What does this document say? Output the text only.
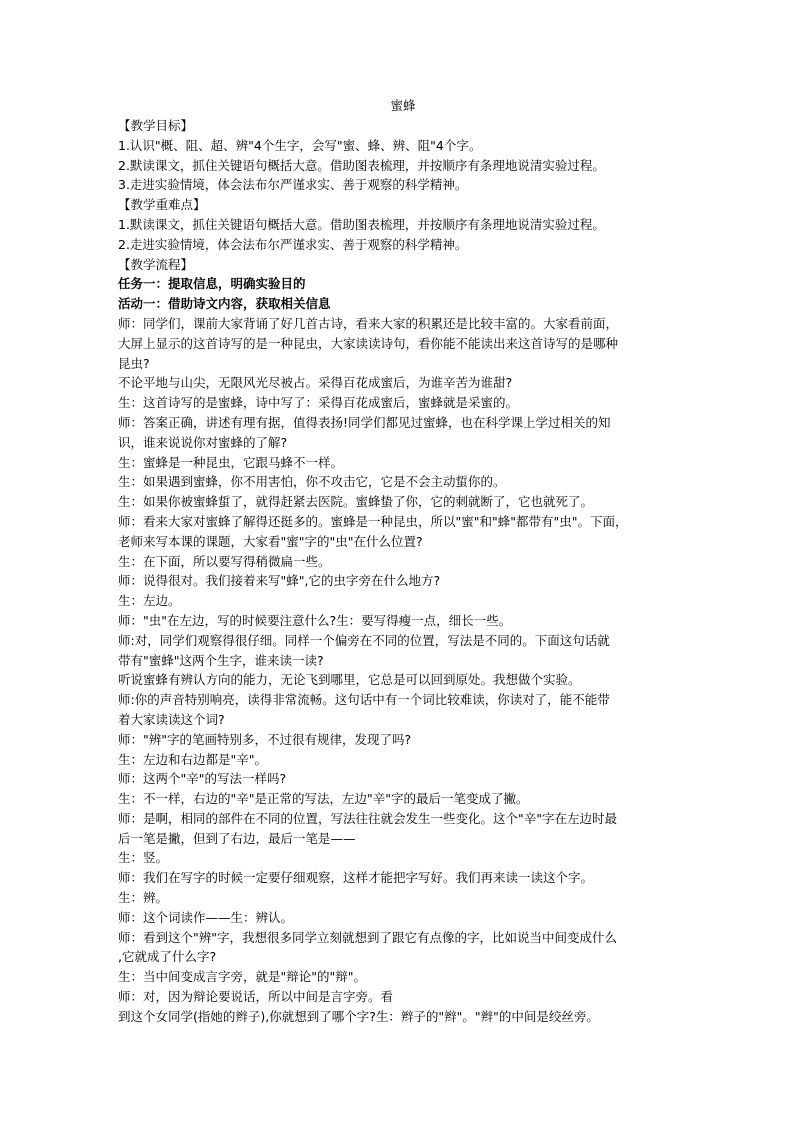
蜜蜂
【教学目标】
1.认识"概、阻、超、辨"4个生字，会写"蜜、蜂、辨、阻"4个字。
2.默读课文，抓住关键语句概括大意。借助图表梳理，并按顺序有条理地说清实验过程。
3.走进实验情境，体会法布尔严谨求实、善于观察的科学精神。
【教学重难点】
1.默读课文，抓住关键语句概括大意。借助图表梳理，并按顺序有条理地说清实验过程。
2.走进实验情境，体会法布尔严谨求实、善于观察的科学精神。
【教学流程】
任务一：提取信息，明确实验目的
活动一：借助诗文内容，获取相关信息
师：同学们，课前大家背诵了好几首古诗，看来大家的积累还是比较丰富的。大家看前面，
大屏上显示的这首诗写的是一种昆虫，大家读读诗句，看你能不能读出来这首诗写的是哪种
昆虫?
不论平地与山尖，无限风光尽被占。采得百花成蜜后，为谁辛苦为谁甜?
生：这首诗写的是蜜蜂，诗中写了：采得百花成蜜后，蜜蜂就是采蜜的。
师：答案正确，讲述有理有据，值得表扬!同学们都见过蜜蜂，也在科学课上学过相关的知
识，谁来说说你对蜜蜂的了解?
生：蜜蜂是一种昆虫，它跟马蜂不一样。
生：如果遇到蜜蜂，你不用害怕，你不攻击它，它是不会主动蜇你的。
生：如果你被蜜蜂蜇了，就得赶紧去医院。蜜蜂蛰了你，它的刺就断了，它也就死了。
师：看来大家对蜜蜂了解得还挺多的。蜜蜂是一种昆虫，所以"蜜"和"蜂"都带有"虫"。下面，
老师来写本课的课题，大家看"蜜"字的"虫"在什么位置?
生：在下面，所以要写得稍微扁一些。
师：说得很对。我们接着来写"蜂",它的虫字旁在什么地方?
生：左边。
师："虫"在左边，写的时候要注意什么?生：要写得瘦一点，细长一些。
师:对，同学们观察得很仔细。同样一个偏旁在不同的位置，写法是不同的。下面这句话就
带有"蜜蜂"这两个生字，谁来读一读?
听说蜜蜂有辨认方向的能力，无论飞到哪里，它总是可以回到原处。我想做个实验。
师:你的声音特别响亮，读得非常流畅。这句话中有一个词比较难读，你读对了，能不能带
着大家读读这个词?
师："辨"字的笔画特别多，不过很有规律，发现了吗?
生：左边和右边都是"辛"。
师：这两个"辛"的写法一样吗?
生：不一样，右边的"辛"是正常的写法，左边"辛"字的最后一笔变成了撇。
师：是啊，相同的部件在不同的位置，写法往往就会发生一些变化。这个"辛"字在左边时最
后一笔是撇，但到了右边，最后一笔是——
生：竖。
师：我们在写字的时候一定要仔细观察，这样才能把字写好。我们再来读一读这个字。
生：辨。
师：这个词读作——生：辨认。
师：看到这个"辨"字，我想很多同学立刻就想到了跟它有点像的字，比如说当中间变成什么
,它就成了什么字?
生：当中间变成言字旁，就是"辩论"的"辩"。
师：对，因为辩论要说话，所以中间是言字旁。看
到这个女同学(指她的辫子),你就想到了哪个字?生：辫子的"辫"。"辫"的中间是绞丝旁。
